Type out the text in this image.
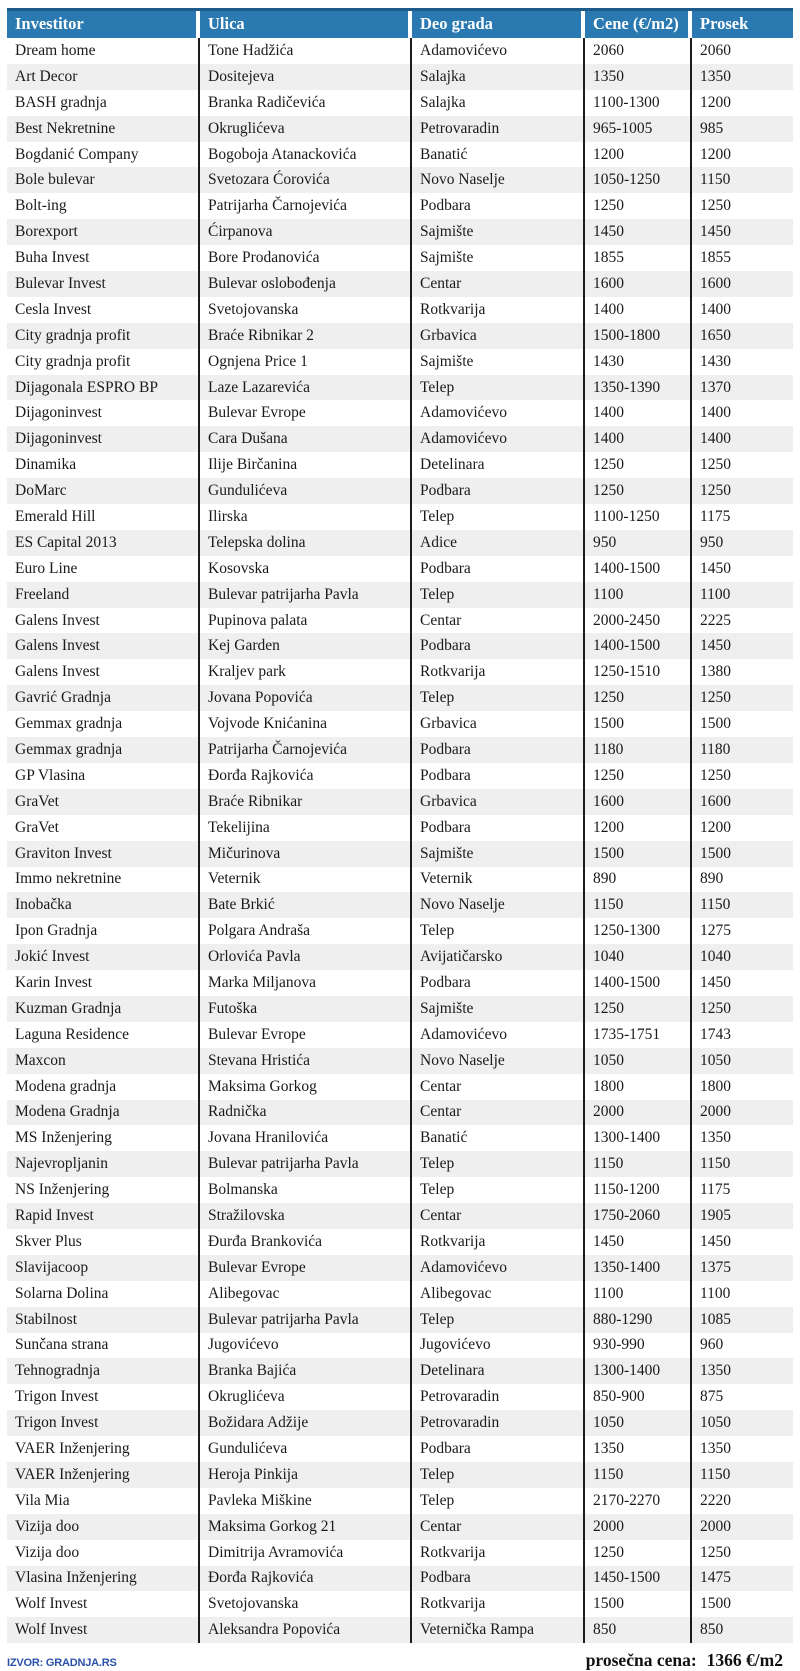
Investitor	Ulica	Deo grada	Cene (€/m2)	Prosek
Dream home	Tone Hadžića	Adamovićevo	2060	2060
Art Decor	Dositejeva	Salajka	1350	1350
BASH gradnja	Branka Radičevića	Salajka	1100-1300	1200
Best Nekretnine	Okruglićeva	Petrovaradin	965-1005	985
Bogdanić Company	Bogoboja Atanackovića	Banatić	1200	1200
Bole bulevar	Svetozara Ćorovića	Novo Naselje	1050-1250	1150
Bolt-ing	Patrijarha Čarnojevića	Podbara	1250	1250
Borexport	Ćirpanova	Sajmište	1450	1450
Buha Invest	Bore Prodanovića	Sajmište	1855	1855
Bulevar Invest	Bulevar oslobođenja	Centar	1600	1600
Cesla Invest	Svetojovanska	Rotkvarija	1400	1400
City gradnja profit	Braće Ribnikar 2	Grbavica	1500-1800	1650
City gradnja profit	Ognjena Price 1	Sajmište	1430	1430
Dijagonala ESPRO BP	Laze Lazarevića	Telep	1350-1390	1370
Dijagoninvest	Bulevar Evrope	Adamovićevo	1400	1400
Dijagoninvest	Cara Dušana	Adamovićevo	1400	1400
Dinamika	Ilije Birčanina	Detelinara	1250	1250
DoMarc	Gundulićeva	Podbara	1250	1250
Emerald Hill	Ilirska	Telep	1100-1250	1175
ES Capital 2013	Telepska dolina	Adice	950	950
Euro Line	Kosovska	Podbara	1400-1500	1450
Freeland	Bulevar patrijarha Pavla	Telep	1100	1100
Galens Invest	Pupinova palata	Centar	2000-2450	2225
Galens Invest	Kej Garden	Podbara	1400-1500	1450
Galens Invest	Kraljev park	Rotkvarija	1250-1510	1380
Gavrić Gradnja	Jovana Popovića	Telep	1250	1250
Gemmax gradnja	Vojvode Knićanina	Grbavica	1500	1500
Gemmax gradnja	Patrijarha Čarnojevića	Podbara	1180	1180
GP Vlasina	Đorđa Rajkovića	Podbara	1250	1250
GraVet	Braće Ribnikar	Grbavica	1600	1600
GraVet	Tekelijina	Podbara	1200	1200
Graviton Invest	Mičurinova	Sajmište	1500	1500
Immo nekretnine	Veternik	Veternik	890	890
Inobačka	Bate Brkić	Novo Naselje	1150	1150
Ipon Gradnja	Polgara Andraša	Telep	1250-1300	1275
Jokić Invest	Orlovića Pavla	Avijatičarsko	1040	1040
Karin Invest	Marka Miljanova	Podbara	1400-1500	1450
Kuzman Gradnja	Futoška	Sajmište	1250	1250
Laguna Residence	Bulevar Evrope	Adamovićevo	1735-1751	1743
Maxcon	Stevana Hristića	Novo Naselje	1050	1050
Modena gradnja	Maksima Gorkog	Centar	1800	1800
Modena Gradnja	Radnička	Centar	2000	2000
MS Inženjering	Jovana Hranilovića	Banatić	1300-1400	1350
Najevropljanin	Bulevar patrijarha Pavla	Telep	1150	1150
NS Inženjering	Bolmanska	Telep	1150-1200	1175
Rapid Invest	Stražilovska	Centar	1750-2060	1905
Skver Plus	Đurđa Brankovića	Rotkvarija	1450	1450
Slavijacoop	Bulevar Evrope	Adamovićevo	1350-1400	1375
Solarna Dolina	Alibegovac	Alibegovac	1100	1100
Stabilnost	Bulevar patrijarha Pavla	Telep	880-1290	1085
Sunčana strana	Jugovićevo	Jugovićevo	930-990	960
Tehnogradnja	Branka Bajića	Detelinara	1300-1400	1350
Trigon Invest	Okruglićeva	Petrovaradin	850-900	875
Trigon Invest	Božidara Adžije	Petrovaradin	1050	1050
VAER Inženjering	Gundulićeva	Podbara	1350	1350
VAER Inženjering	Heroja Pinkija	Telep	1150	1150
Vila Mia	Pavleka Miškine	Telep	2170-2270	2220
Vizija doo	Maksima Gorkog 21	Centar	2000	2000
Vizija doo	Dimitrija Avramovića	Rotkvarija	1250	1250
Vlasina Inženjering	Đorđa Rajkovića	Podbara	1450-1500	1475
Wolf Invest	Svetojovanska	Rotkvarija	1500	1500
Wolf Invest	Aleksandra Popovića	Veternička Rampa	850	850
IZVOR: GRADNJA.RS	prosečna cena: 1366 €/m2
